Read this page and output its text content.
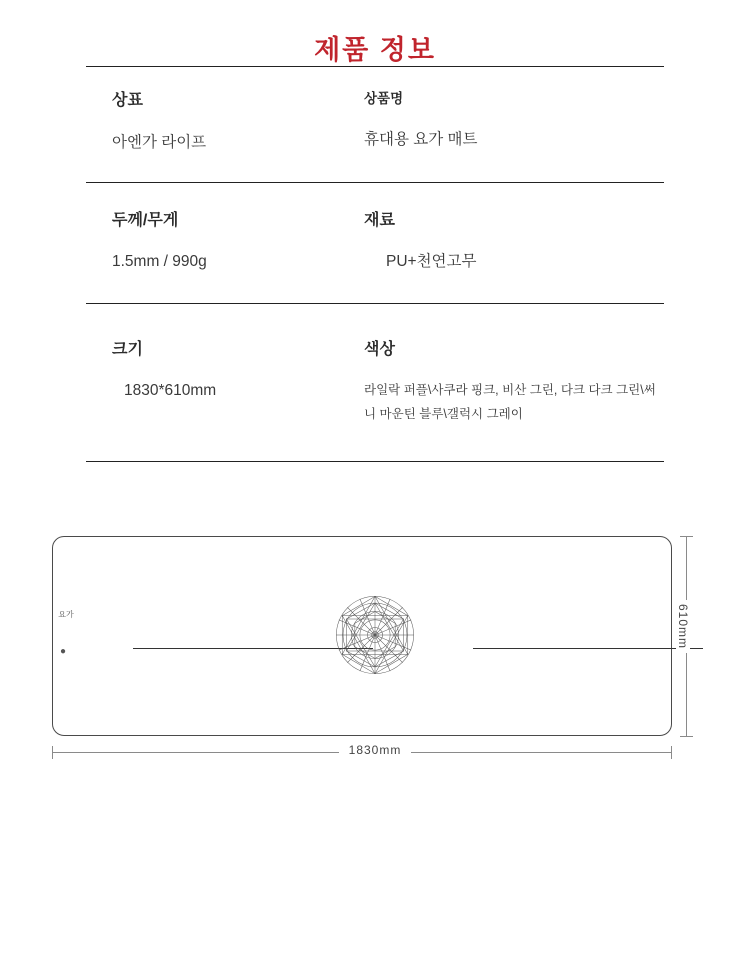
제품 정보
상표
아엔가 라이프
상품명
휴대용 요가 매트
두께/무게
1.5mm / 990g
재료
PU+천연고무
크기
1830*610mm
색상
라일락 퍼플\사쿠라 핑크, 비산 그린, 다크 다크 그린\써니 마운틴 블루\갤럭시 그레이
요가
●
610mm
1830mm
